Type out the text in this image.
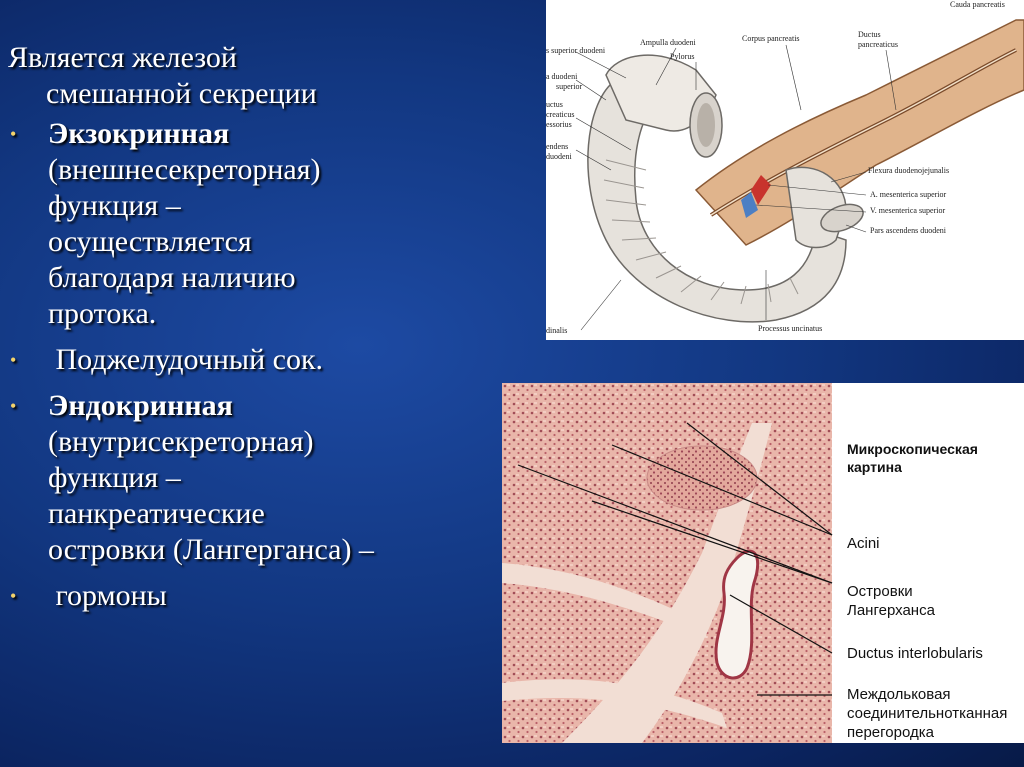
Является железой
смешанной секреции
• Экзокринная
(внешнесекреторная)
функция –
осуществляется
благодаря наличию
протока.
• Поджелудочный сок.
• Эндокринная
(внутрисекреторная)
функция –
панкреатические
островки (Лангерганса) –
• гормоны
Cauda pancreatis
s superior duodeni
Ampulla duodeni
Pylorus
Corpus pancreatis	Ductus
pancreaticus
a duodeni
superior
uctus
creaticus
essorius
endens
duodeni
Flexura duodenojejunalis
A. mesenterica superior
V. mesenterica superior
Pars ascendens duodeni
dinalis	Processus uncinatus
Микроскопическая
картина
Acini
Островки
Лангерханса
Ductus interlobularis
Междольковая
соединительнотканная
перегородка
